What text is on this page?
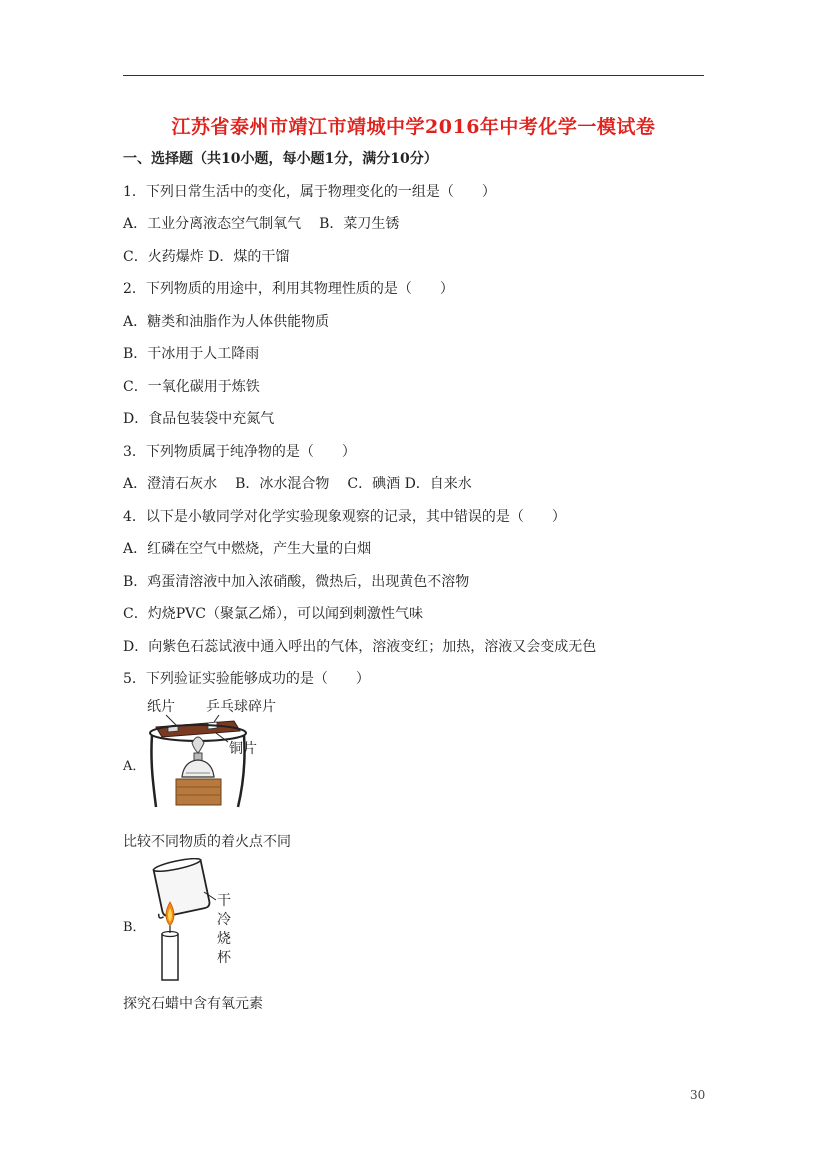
江苏省泰州市靖江市靖城中学2016年中考化学一模试卷
一、选择题（共10小题，每小题1分，满分10分）
1．下列日常生活中的变化，属于物理变化的一组是（　　）
A．工业分离液态空气制氧气 B．菜刀生锈
C．火药爆炸 D．煤的干馏
2．下列物质的用途中，利用其物理性质的是（　　）
A．糖类和油脂作为人体供能物质
B．干冰用于人工降雨
C．一氧化碳用于炼铁
D．食品包装袋中充氮气
3．下列物质属于纯净物的是（　　）
A．澄清石灰水 B．冰水混合物 C．碘酒 D．自来水
4．以下是小敏同学对化学实验现象观察的记录，其中错误的是（　　）
A．红磷在空气中燃烧，产生大量的白烟
B．鸡蛋清溶液中加入浓硝酸，微热后，出现黄色不溶物
C．灼烧PVC（聚氯乙烯），可以闻到刺激性气味
D．向紫色石蕊试液中通入呼出的气体，溶液变红；加热，溶液又会变成无色
5．下列验证实验能够成功的是（　　）
A．
纸片 乒乓球碎片
铜片
比较不同物质的着火点不同
B．
干
冷
烧
杯
探究石蜡中含有氧元素
30
